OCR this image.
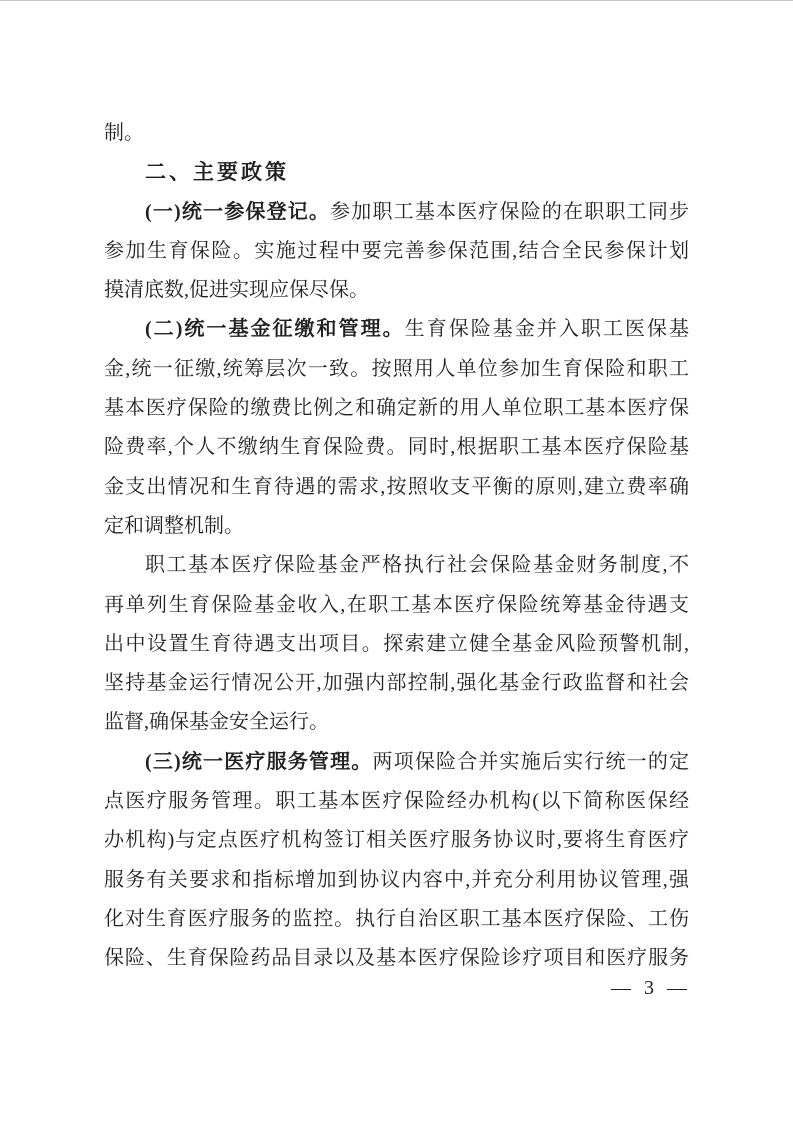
制。
二、主要政策
(一)统一参保登记。参加职工基本医疗保险的在职职工同步
参加生育保险。实施过程中要完善参保范围,结合全民参保计划
摸清底数,促进实现应保尽保。
(二)统一基金征缴和管理。生育保险基金并入职工医保基
金,统一征缴,统筹层次一致。按照用人单位参加生育保险和职工
基本医疗保险的缴费比例之和确定新的用人单位职工基本医疗保
险费率,个人不缴纳生育保险费。同时,根据职工基本医疗保险基
金支出情况和生育待遇的需求,按照收支平衡的原则,建立费率确
定和调整机制。
职工基本医疗保险基金严格执行社会保险基金财务制度,不
再单列生育保险基金收入,在职工基本医疗保险统筹基金待遇支
出中设置生育待遇支出项目。探索建立健全基金风险预警机制,
坚持基金运行情况公开,加强内部控制,强化基金行政监督和社会
监督,确保基金安全运行。
(三)统一医疗服务管理。两项保险合并实施后实行统一的定
点医疗服务管理。职工基本医疗保险经办机构(以下简称医保经
办机构)与定点医疗机构签订相关医疗服务协议时,要将生育医疗
服务有关要求和指标增加到协议内容中,并充分利用协议管理,强
化对生育医疗服务的监控。执行自治区职工基本医疗保险、工伤
保险、生育保险药品目录以及基本医疗保险诊疗项目和医疗服务
— 3 —
